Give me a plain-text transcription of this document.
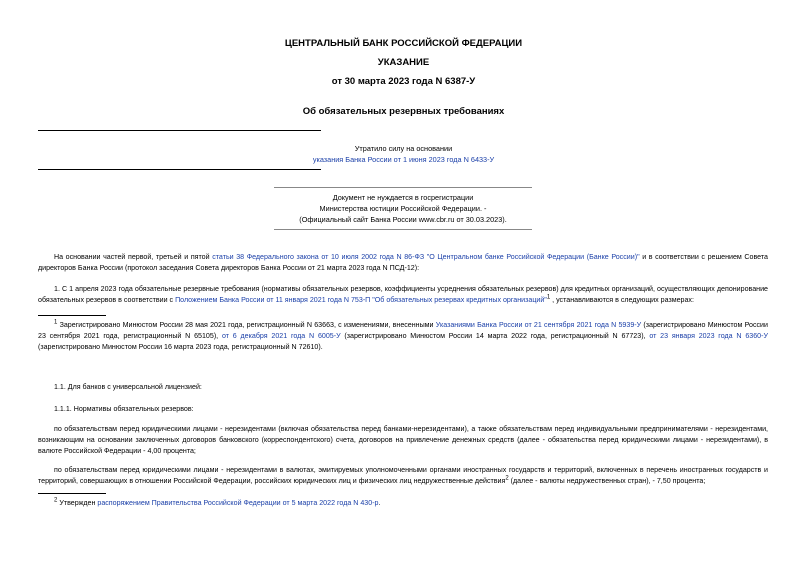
ЦЕНТРАЛЬНЫЙ БАНК РОССИЙСКОЙ ФЕДЕРАЦИИ
УКАЗАНИЕ
от 30 марта 2023 года N 6387-У
Об обязательных резервных требованиях
Утратило силу на основании
указания Банка России от 1 июня 2023 года N 6433-У
Документ не нуждается в госрегистрации
Министерства юстиции Российской Федерации. -
(Официальный сайт Банка России www.cbr.ru от 30.03.2023).
На основании частей первой, третьей и пятой статьи 38 Федерального закона от 10 июля 2002 года N 86-ФЗ "О Центральном банке Российской Федерации (Банке России)" и в соответствии с решением Совета директоров Банка России (протокол заседания Совета директоров Банка России от 21 марта 2023 года N ПСД-12):
1. С 1 апреля 2023 года обязательные резервные требования (нормативы обязательных резервов, коэффициенты усреднения обязательных резервов) для кредитных организаций, осуществляющих депонирование обязательных резервов в соответствии с Положением Банка России от 11 января 2021 года N 753-П "Об обязательных резервах кредитных организаций"$^1$ , устанавливаются в следующих размерах:
$^1$ Зарегистрировано Минюстом России 28 мая 2021 года, регистрационный N 63663, с изменениями, внесенными Указаниями Банка России от 21 сентября 2021 года N 5939-У (зарегистрировано Минюстом России 23 сентября 2021 года, регистрационный N 65105), от 6 декабря 2021 года N 6005-У (зарегистрировано Минюстом России 14 марта 2022 года, регистрационный N 67723), от 23 января 2023 года N 6360-У (зарегистрировано Минюстом России 16 марта 2023 года, регистрационный N 72610).
1.1. Для банков с универсальной лицензией:
1.1.1. Нормативы обязательных резервов:
по обязательствам перед юридическими лицами - нерезидентами (включая обязательства перед банками-нерезидентами), а также обязательствам перед индивидуальными предпринимателями - нерезидентами, возникающим на основании заключенных договоров банковского (корреспондентского) счета, договоров на привлечение денежных средств (далее - обязательства перед юридическими лицами - нерезидентами), в валюте Российской Федерации - 4,00 процента;
по обязательствам перед юридическими лицами - нерезидентами в валютах, эмитируемых уполномоченными органами иностранных государств и территорий, включенных в перечень иностранных государств и территорий, совершающих в отношении Российской Федерации, российских юридических лиц и физических лиц недружественные действия$^2$ (далее - валюты недружественных стран), - 7,50 процента;
$^2$ Утвержден распоряжением Правительства Российской Федерации от 5 марта 2022 года N 430-р.
